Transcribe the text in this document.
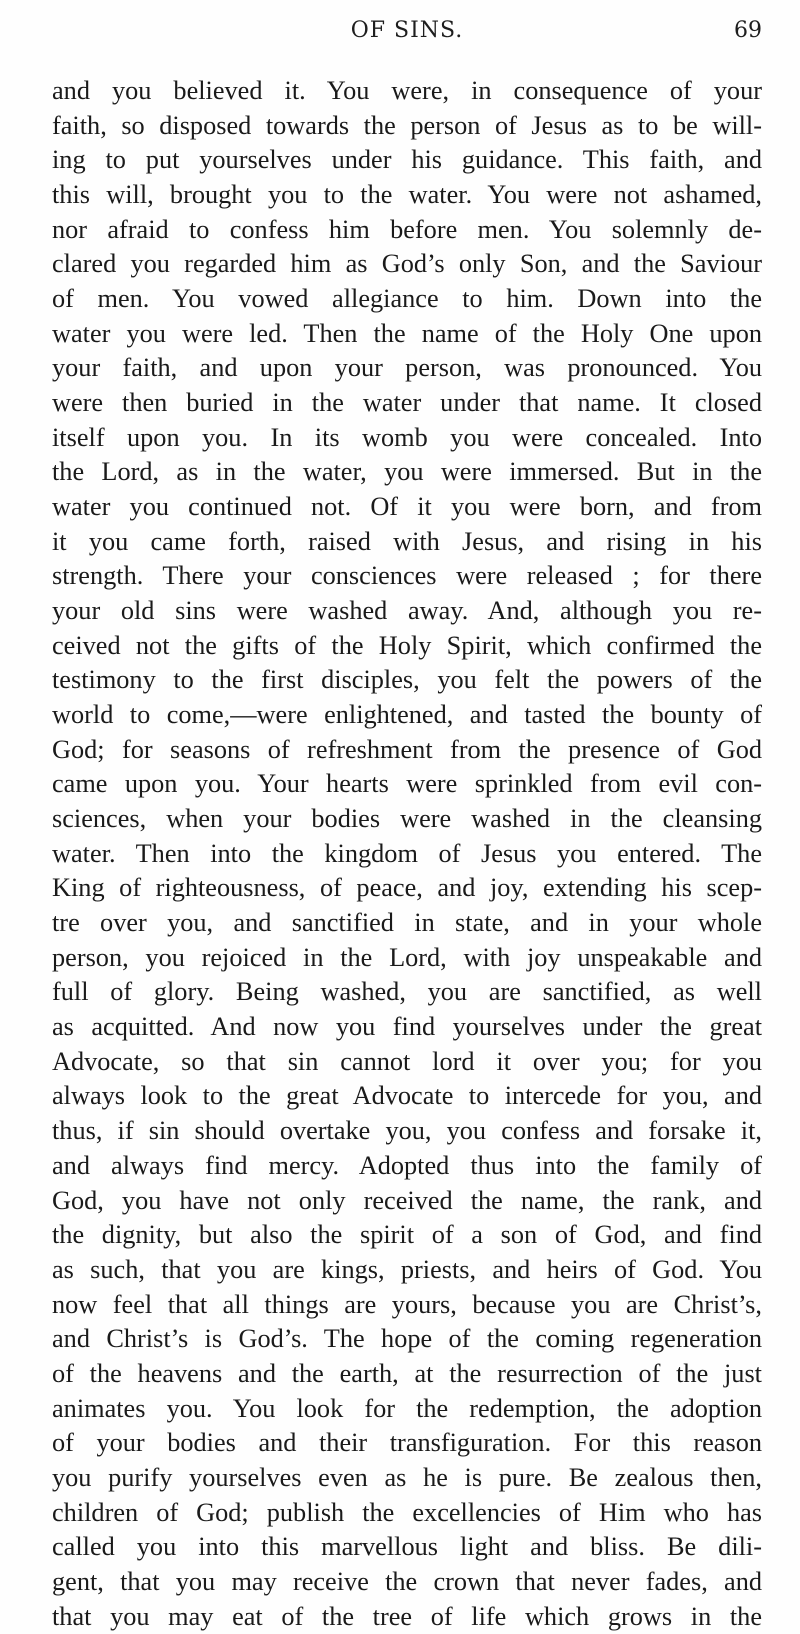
OF SINS.	69
and you believed it. You were, in consequence of your
faith, so disposed towards the person of Jesus as to be will-
ing to put yourselves under his guidance. This faith, and
this will, brought you to the water. You were not ashamed,
nor afraid to confess him before men. You solemnly de-
clared you regarded him as God’s only Son, and the Saviour
of men. You vowed allegiance to him. Down into the
water you were led. Then the name of the Holy One upon
your faith, and upon your person, was pronounced. You
were then buried in the water under that name. It closed
itself upon you. In its womb you were concealed. Into
the Lord, as in the water, you were immersed. But in the
water you continued not. Of it you were born, and from
it you came forth, raised with Jesus, and rising in his
strength. There your consciences were released ; for there
your old sins were washed away. And, although you re-
ceived not the gifts of the Holy Spirit, which confirmed the
testimony to the first disciples, you felt the powers of the
world to come,—were enlightened, and tasted the bounty of
God; for seasons of refreshment from the presence of God
came upon you. Your hearts were sprinkled from evil con-
sciences, when your bodies were washed in the cleansing
water. Then into the kingdom of Jesus you entered. The
King of righteousness, of peace, and joy, extending his scep-
tre over you, and sanctified in state, and in your whole
person, you rejoiced in the Lord, with joy unspeakable and
full of glory. Being washed, you are sanctified, as well
as acquitted. And now you find yourselves under the great
Advocate, so that sin cannot lord it over you; for you
always look to the great Advocate to intercede for you, and
thus, if sin should overtake you, you confess and forsake it,
and always find mercy. Adopted thus into the family of
God, you have not only received the name, the rank, and
the dignity, but also the spirit of a son of God, and find
as such, that you are kings, priests, and heirs of God. You
now feel that all things are yours, because you are Christ’s,
and Christ’s is God’s. The hope of the coming regeneration
of the heavens and the earth, at the resurrection of the just
animates you. You look for the redemption, the adoption
of your bodies and their transfiguration. For this reason
you purify yourselves even as he is pure. Be zealous then,
children of God; publish the excellencies of Him who has
called you into this marvellous light and bliss. Be dili-
gent, that you may receive the crown that never fades, and
that you may eat of the tree of life which grows in the
